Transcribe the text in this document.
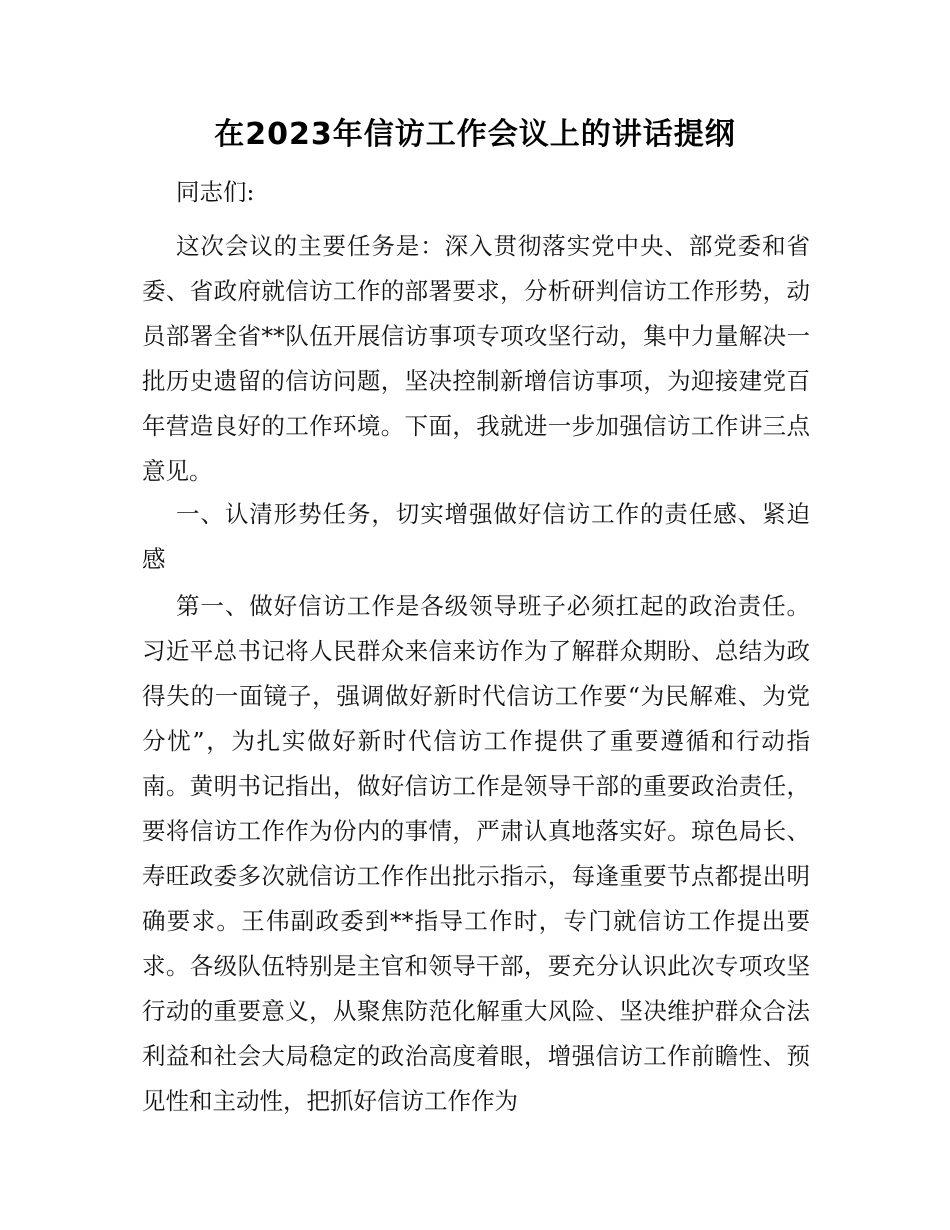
在2023年信访工作会议上的讲话提纲

同志们:

这次会议的主要任务是：深入贯彻落实党中央、部党委和省委、省政府就信访工作的部署要求，分析研判信访工作形势，动员部署全省**队伍开展信访事项专项攻坚行动，集中力量解决一批历史遗留的信访问题，坚决控制新增信访事项，为迎接建党百年营造良好的工作环境。下面，我就进一步加强信访工作讲三点意见。

一、认清形势任务，切实增强做好信访工作的责任感、紧迫感

第一、做好信访工作是各级领导班子必须扛起的政治责任。习近平总书记将人民群众来信来访作为了解群众期盼、总结为政得失的一面镜子，强调做好新时代信访工作要“为民解难、为党分忧”，为扎实做好新时代信访工作提供了重要遵循和行动指南。黄明书记指出，做好信访工作是领导干部的重要政治责任，要将信访工作作为份内的事情，严肃认真地落实好。琼色局长、寿旺政委多次就信访工作作出批示指示，每逢重要节点都提出明确要求。王伟副政委到**指导工作时，专门就信访工作提出要求。各级队伍特别是主官和领导干部，要充分认识此次专项攻坚行动的重要意义，从聚焦防范化解重大风险、坚决维护群众合法利益和社会大局稳定的政治高度着眼，增强信访工作前瞻性、预见性和主动性，把抓好信访工作作为
